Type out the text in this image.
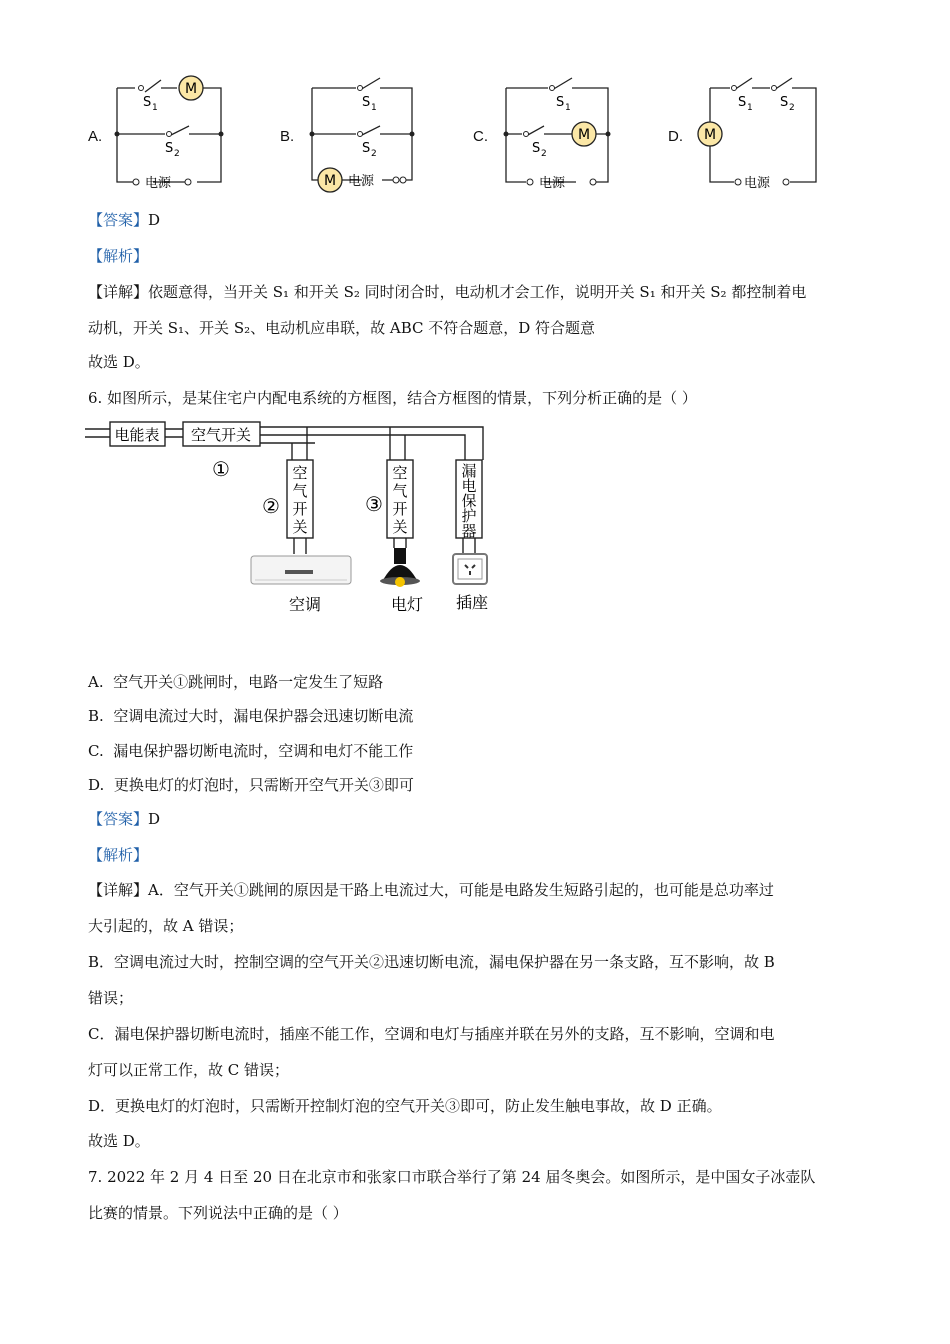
A.
M
S 1
S 2
电源
B.
M
S 1
S 2
电源
C.	M
S 1
S 2
电源
D. M
S 1 S 2
电源
【答案】D
【解析】
【详解】依题意得，当开关 S₁ 和开关 S₂ 同时闭合时，电动机才会工作，说明开关 S₁ 和开关 S₂ 都控制着电
动机，开关 S₁、开关 S₂、电动机应串联，故 ABC 不符合题意，D 符合题意
故选 D。
6. 如图所示，是某住宅户内配电系统的方框图，结合方框图的情景，下列分析正确的是（ ）
电能表 空气开关
①
②	③
空
气
开
关
空
气
开
关
漏
电
保
护
器
空调	电灯 插座
A. 空气开关①跳闸时，电路一定发生了短路
B. 空调电流过大时，漏电保护器会迅速切断电流
C. 漏电保护器切断电流时，空调和电灯不能工作
D. 更换电灯的灯泡时，只需断开空气开关③即可
【答案】D
【解析】
【详解】A．空气开关①跳闸的原因是干路上电流过大，可能是电路发生短路引起的，也可能是总功率过
大引起的，故 A 错误；
B．空调电流过大时，控制空调的空气开关②迅速切断电流，漏电保护器在另一条支路，互不影响，故 B
错误；
C．漏电保护器切断电流时，插座不能工作，空调和电灯与插座并联在另外的支路，互不影响，空调和电
灯可以正常工作，故 C 错误；
D．更换电灯的灯泡时，只需断开控制灯泡的空气开关③即可，防止发生触电事故，故 D 正确。
故选 D。
7. 2022 年 2 月 4 日至 20 日在北京市和张家口市联合举行了第 24 届冬奥会。如图所示，是中国女子冰壶队
比赛的情景。下列说法中正确的是（ ）
